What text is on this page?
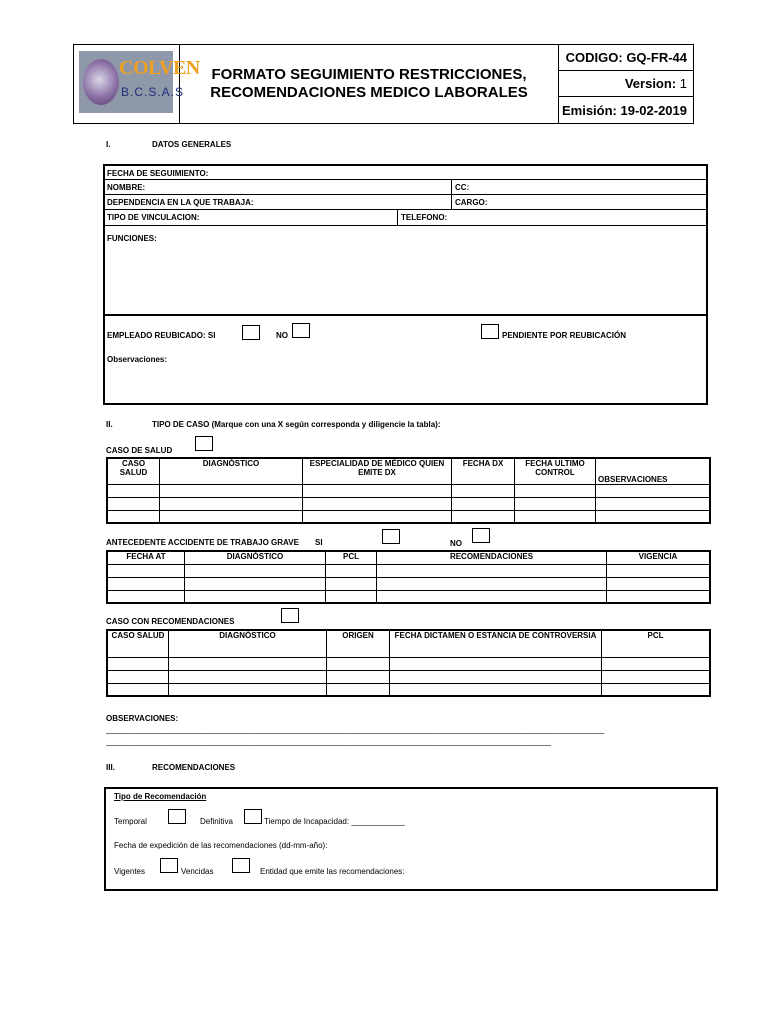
COLVEN
B.C.S.A.S
FORMATO SEGUIMIENTO RESTRICCIONES,
RECOMENDACIONES MEDICO LABORALES
CODIGO: GQ-FR-44
Version:
1
Emisión: 19-02-2019
I.	DATOS GENERALES
FECHA DE SEGUIMIENTO:
NOMBRE:	CC:
DEPENDENCIA EN LA QUE TRABAJA:	CARGO:
TIPO DE VINCULACION:	TELEFONO:
FUNCIONES:
EMPLEADO REUBICADO: SI	NO	PENDIENTE POR REUBICACIÓN
Observaciones:
II.	TIPO DE CASO (Marque con una X según corresponda y diligencie la tabla):
CASO DE SALUD
CASO SALUD	DIAGNÓSTICO	ESPECIALIDAD DE MÉDICO QUIEN EMITE DX	FECHA DX	FECHA ULTIMO CONTROL	OBSERVACIONES

ANTECEDENTE ACCIDENTE DE TRABAJO GRAVE SI	NO
FECHA AT	DIAGNÓSTICO	PCL	RECOMENDACIONES	VIGENCIA

CASO CON RECOMENDACIONES
CASO SALUD	DIAGNÓSTICO	ORIGEN	FECHA DICTAMEN O ESTANCIA DE CONTROVERSIA	PCL

OBSERVACIONES:
________________________________________________________________________________________________________________
____________________________________________________________________________________________________
III.	RECOMENDACIONES
Tipo de Recomendación
Temporal	Definitiva	Tiempo de Incapacidad: ____________
Fecha de expedición de las recomendaciones (dd-mm-año):
Vigentes	Vencidas	Entidad que emite las recomendaciones:
